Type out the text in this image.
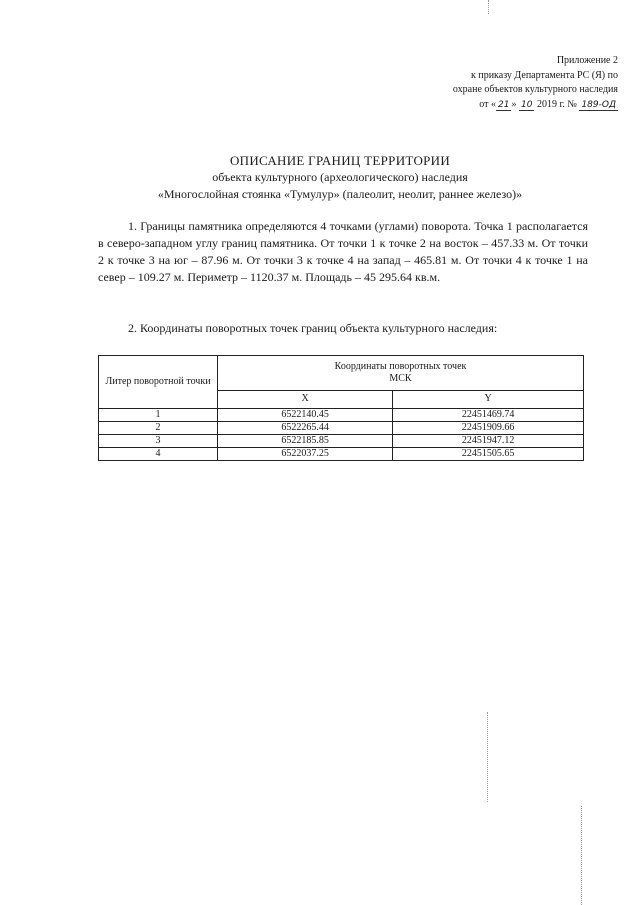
Приложение 2
к приказу Департамента РС (Я) по
охране объектов культурного наследия
от « 21 » 10 2019 г. № 189-ОД
ОПИСАНИЕ ГРАНИЦ ТЕРРИТОРИИ
объекта культурного (археологического) наследия
«Многослойная стоянка «Тумулур» (палеолит, неолит, раннее железо)»
1. Границы памятника определяются 4 точками (углами) поворота. Точка 1 располагается в северо-западном углу границ памятника. От точки 1 к точке 2 на восток – 457.33 м. От точки 2 к точке 3 на юг – 87.96 м. От точки 3 к точке 4 на запад – 465.81 м. От точки 4 к точке 1 на север – 109.27 м. Периметр – 1120.37 м. Площадь – 45 295.64 кв.м.
2. Координаты поворотных точек границ объекта культурного наследия:
Литер поворотной точки	Координаты поворотных точек
МСК	
	X	Y
1	6522140.45	22451469.74
2	6522265.44	22451909.66
3	6522185.85	22451947.12
4	6522037.25	22451505.65
